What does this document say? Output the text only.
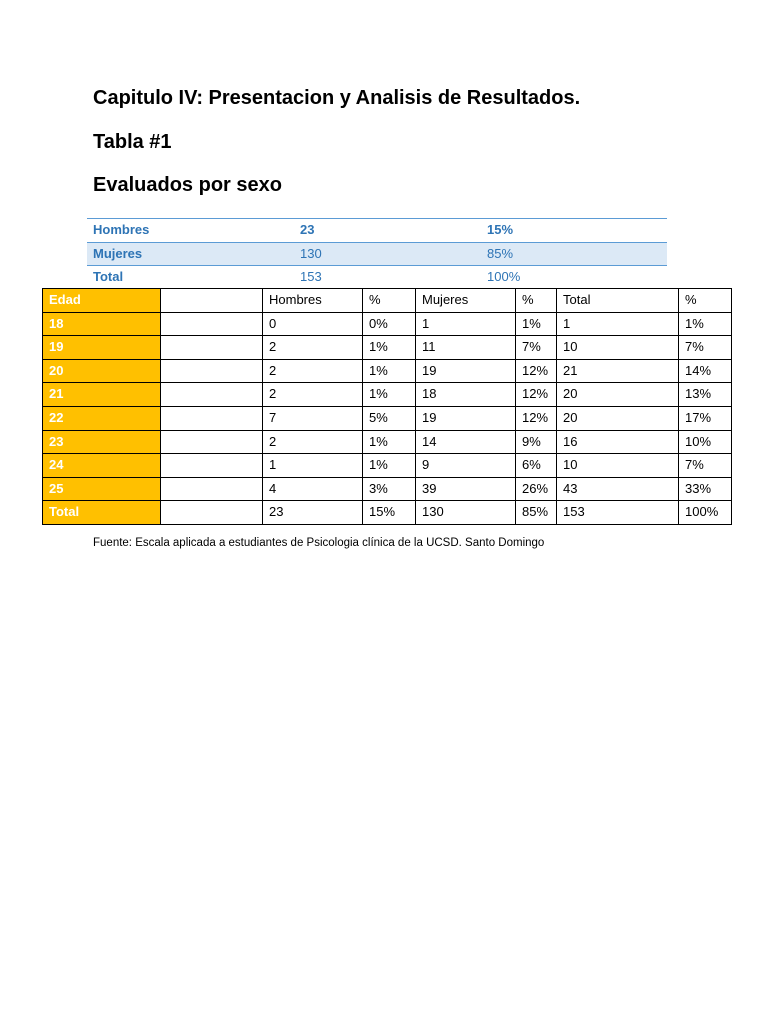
Capitulo IV: Presentacion y Analisis de Resultados.
Tabla #1
Evaluados por sexo
Hombres	23	15%
Mujeres	130	85%
Total	153	100%
Edad		Hombres	%	Mujeres	%	Total	%
18		0	0%	1	1%	1	1%
19		2	1%	11	7%	10	7%
20		2	1%	19	12%	21	14%
21		2	1%	18	12%	20	13%
22		7	5%	19	12%	20	17%
23		2	1%	14	9%	16	10%
24		1	1%	9	6%	10	7%
25		4	3%	39	26%	43	33%
Total		23	15%	130	85%	153	100%

Fuente: Escala aplicada a estudiantes de Psicologia clínica de la UCSD. Santo Domingo
